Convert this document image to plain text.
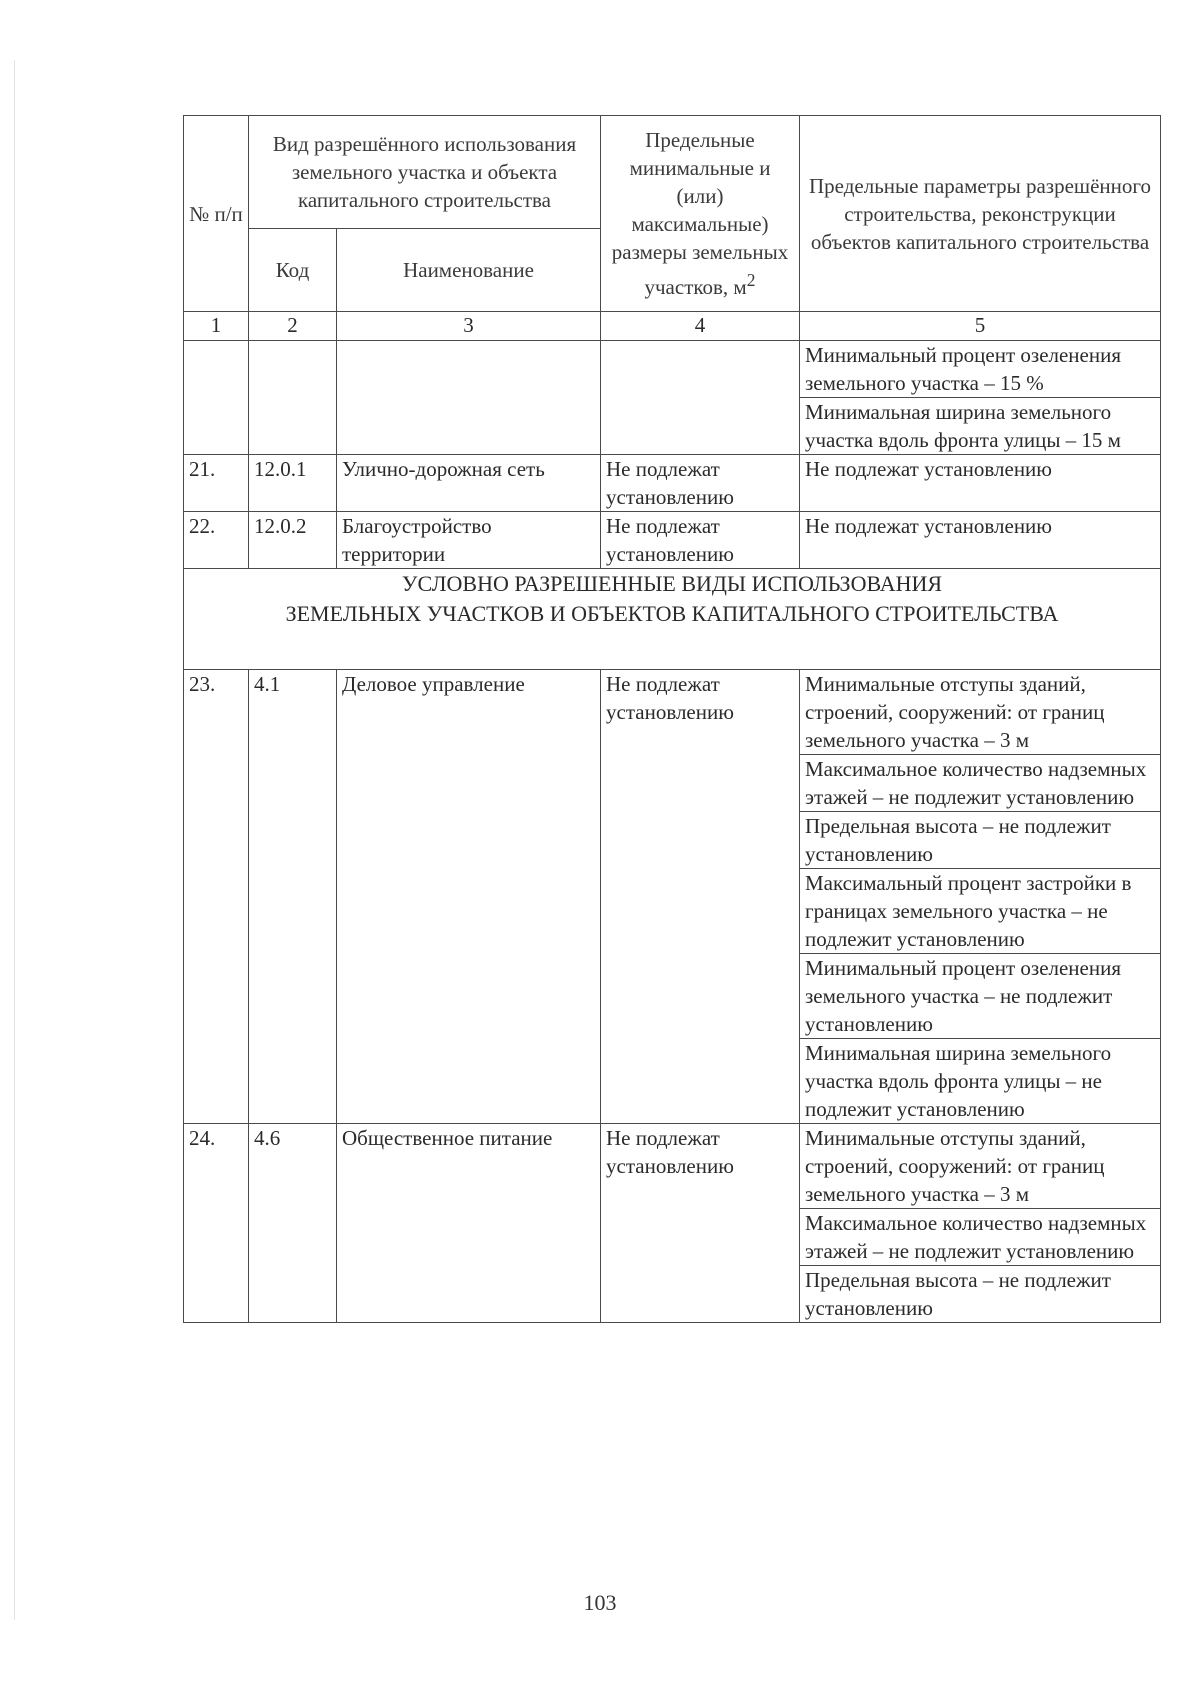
№ п/п	Вид разрешённого использования земельного участка и объекта капитального строительства		Предельные минимальные и (или) максимальные) размеры земельных участков, $м^2$	Предельные параметры разрешённого строительства, реконструкции объектов капитального строительства
	Код	Наименование		
1	2	3	4	5
				Минимальный процент озеленения земельного участка – 15 %
				Минимальная ширина земельного участка вдоль фронта улицы – 15 м
21.	12.0.1	Улично-дорожная сеть	Не подлежат установлению	Не подлежат установлению
22.	12.0.2	Благоустройство территории	Не подлежат установлению	Не подлежат установлению

УСЛОВНО РАЗРЕШЕННЫЕ ВИДЫ ИСПОЛЬЗОВАНИЯ
ЗЕМЕЛЬНЫХ УЧАСТКОВ И ОБЪЕКТОВ КАПИТАЛЬНОГО СТРОИТЕЛЬСТВА				

23.	4.1	Деловое управление	Не подлежат установлению	Минимальные отступы зданий, строений, сооружений: от границ земельного участка – 3 м
				Максимальное количество надземных этажей – не подлежит установлению
				Предельная высота – не подлежит установлению
				Максимальный процент застройки в границах земельного участка – не подлежит установлению
				Минимальный процент озеленения земельного участка – не подлежит установлению
				Минимальная ширина земельного участка вдоль фронта улицы – не подлежит установлению
24.	4.6	Общественное питание	Не подлежат установлению	Минимальные отступы зданий, строений, сооружений: от границ земельного участка – 3 м
				Максимальное количество надземных этажей – не подлежит установлению
				Предельная высота – не подлежит установлению
103
